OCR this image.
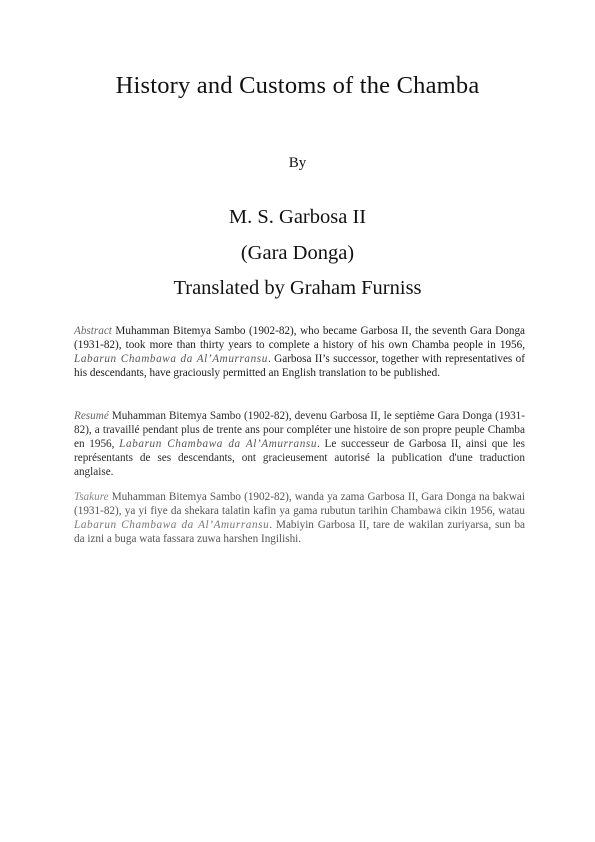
History and Customs of the Chamba
By
M. S. Garbosa II
(Gara Donga)
Translated by Graham Furniss

Abstract Muhamman Bitemya Sambo (1902-82), who became Garbosa II, the seventh Gara Donga (1931-82), took more than thirty years to complete a history of his own Chamba people in 1956, Labarun Chambawa da Al’Amurransu. Garbosa II’s successor, together with representatives of his descendants, have graciously permitted an English translation to be published.

Resumé Muhamman Bitemya Sambo (1902-82), devenu Garbosa II, le septième Gara Donga (1931-82), a travaillé pendant plus de trente ans pour compléter une histoire de son propre peuple Chamba en 1956, Labarun Chambawa da Al’Amurransu. Le successeur de Garbosa II, ainsi que les représentants de ses descendants, ont gracieusement autorisé la publication d'une traduction anglaise.

Tsakure Muhamman Bitemya Sambo (1902-82), wanda ya zama Garbosa II, Gara Donga na bakwai (1931-82), ya yi fiye da shekara talatin kafin ya gama rubutun tarihin Chambawa cikin 1956, watau Labarun Chambawa da Al’Amurransu. Mabiyin Garbosa II, tare de wakilan zuriyarsa, sun ba da izni a buga wata fassara zuwa harshen Ingilishi.
